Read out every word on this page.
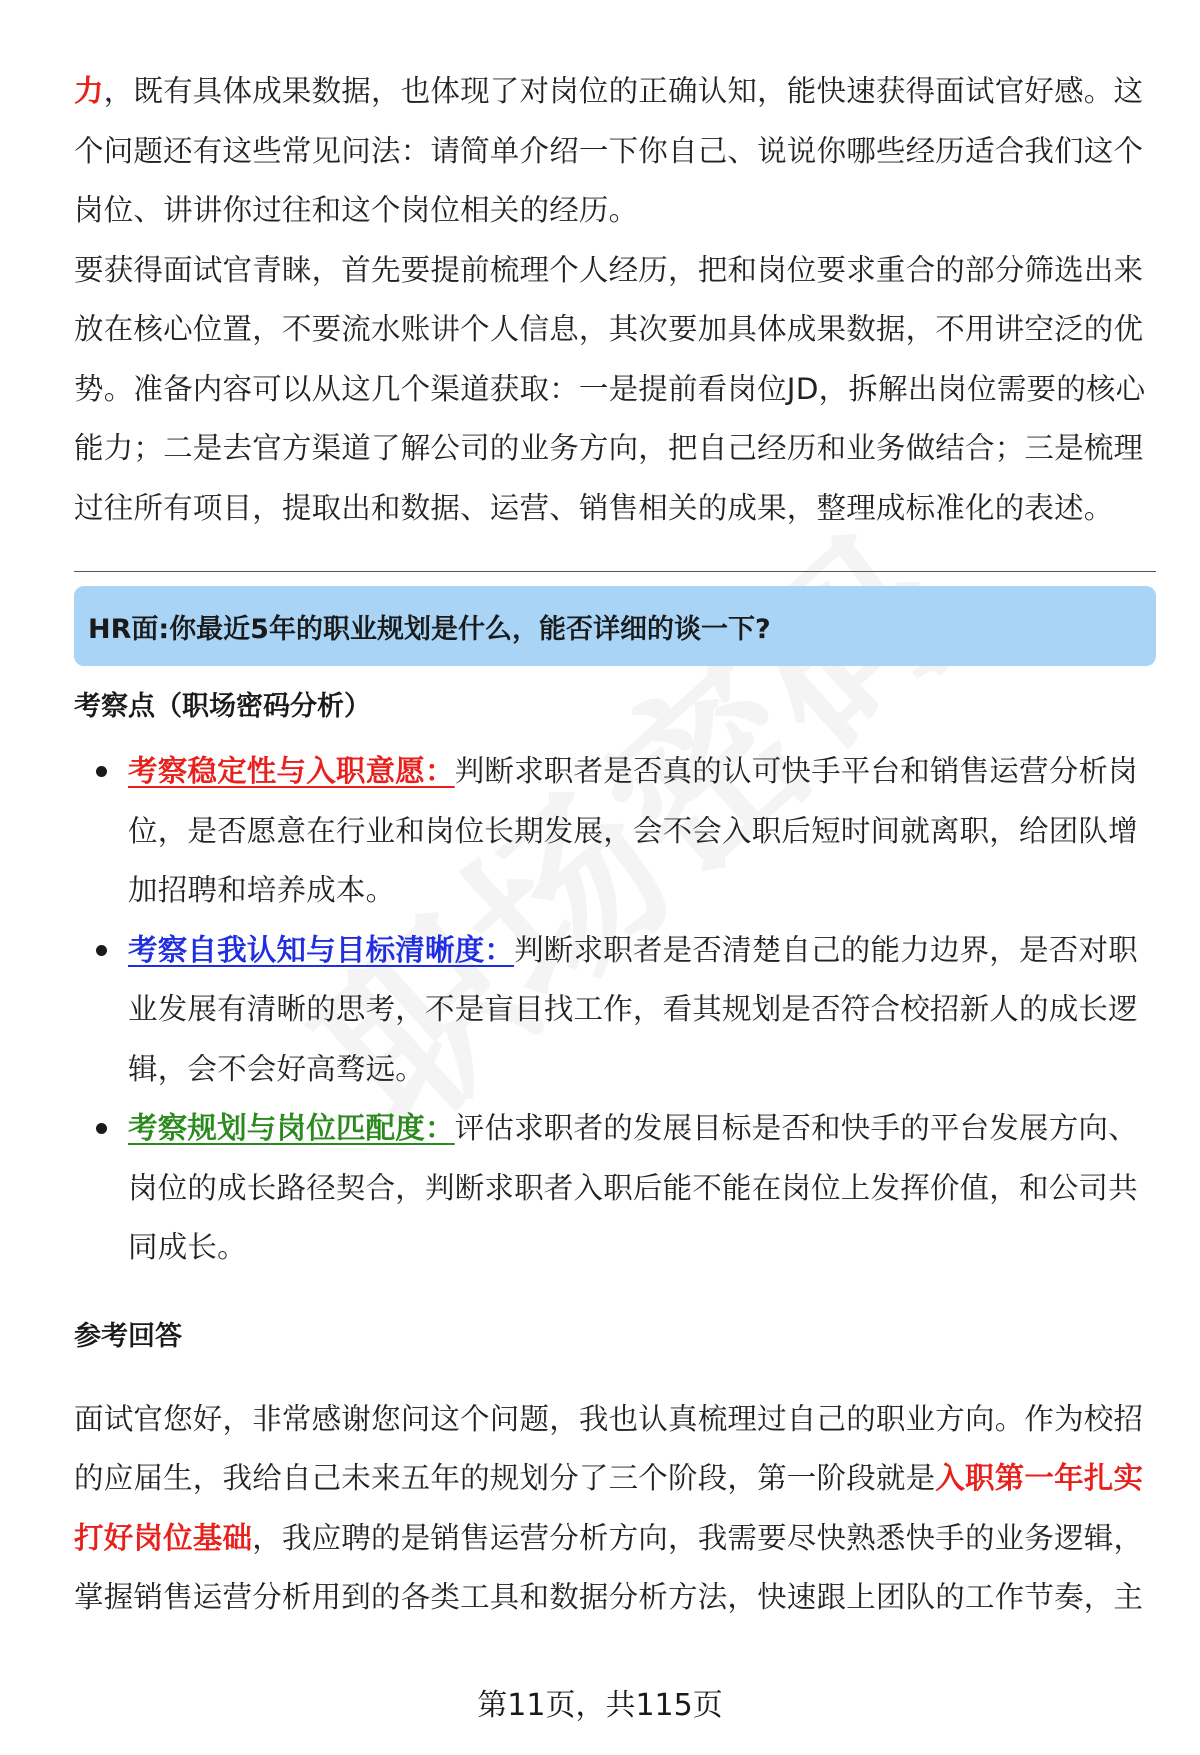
力，既有具体成果数据，也体现了对岗位的正确认知，能快速获得面试官好感。这个问题还有这些常见问法：请简单介绍一下你自己、说说你哪些经历适合我们这个岗位、讲讲你过往和这个岗位相关的经历。

要获得面试官青睐，首先要提前梳理个人经历，把和岗位要求重合的部分筛选出来放在核心位置，不要流水账讲个人信息，其次要加具体成果数据，不用讲空泛的优势。准备内容可以从这几个渠道获取：一是提前看岗位JD，拆解出岗位需要的核心能力；二是去官方渠道了解公司的业务方向，把自己经历和业务做结合；三是梳理过往所有项目，提取出和数据、运营、销售相关的成果，整理成标准化的表述。

HR面:你最近5年的职业规划是什么，能否详细的谈一下?

考察点（职场密码分析）

考察稳定性与入职意愿：判断求职者是否真的认可快手平台和销售运营分析岗位，是否愿意在行业和岗位长期发展，会不会入职后短时间就离职，给团队增加招聘和培养成本。
考察自我认知与目标清晰度：判断求职者是否清楚自己的能力边界，是否对职业发展有清晰的思考，不是盲目找工作，看其规划是否符合校招新人的成长逻辑，会不会好高骛远。
考察规划与岗位匹配度：评估求职者的发展目标是否和快手的平台发展方向、岗位的成长路径契合，判断求职者入职后能不能在岗位上发挥价值，和公司共同成长。

参考回答

面试官您好，非常感谢您问这个问题，我也认真梳理过自己的职业方向。作为校招的应届生，我给自己未来五年的规划分了三个阶段，第一阶段就是入职第一年扎实打好岗位基础，我应聘的是销售运营分析方向，我需要尽快熟悉快手的业务逻辑，掌握销售运营分析用到的各类工具和数据分析方法，快速跟上团队的工作节奏，主

第11页，共115页
